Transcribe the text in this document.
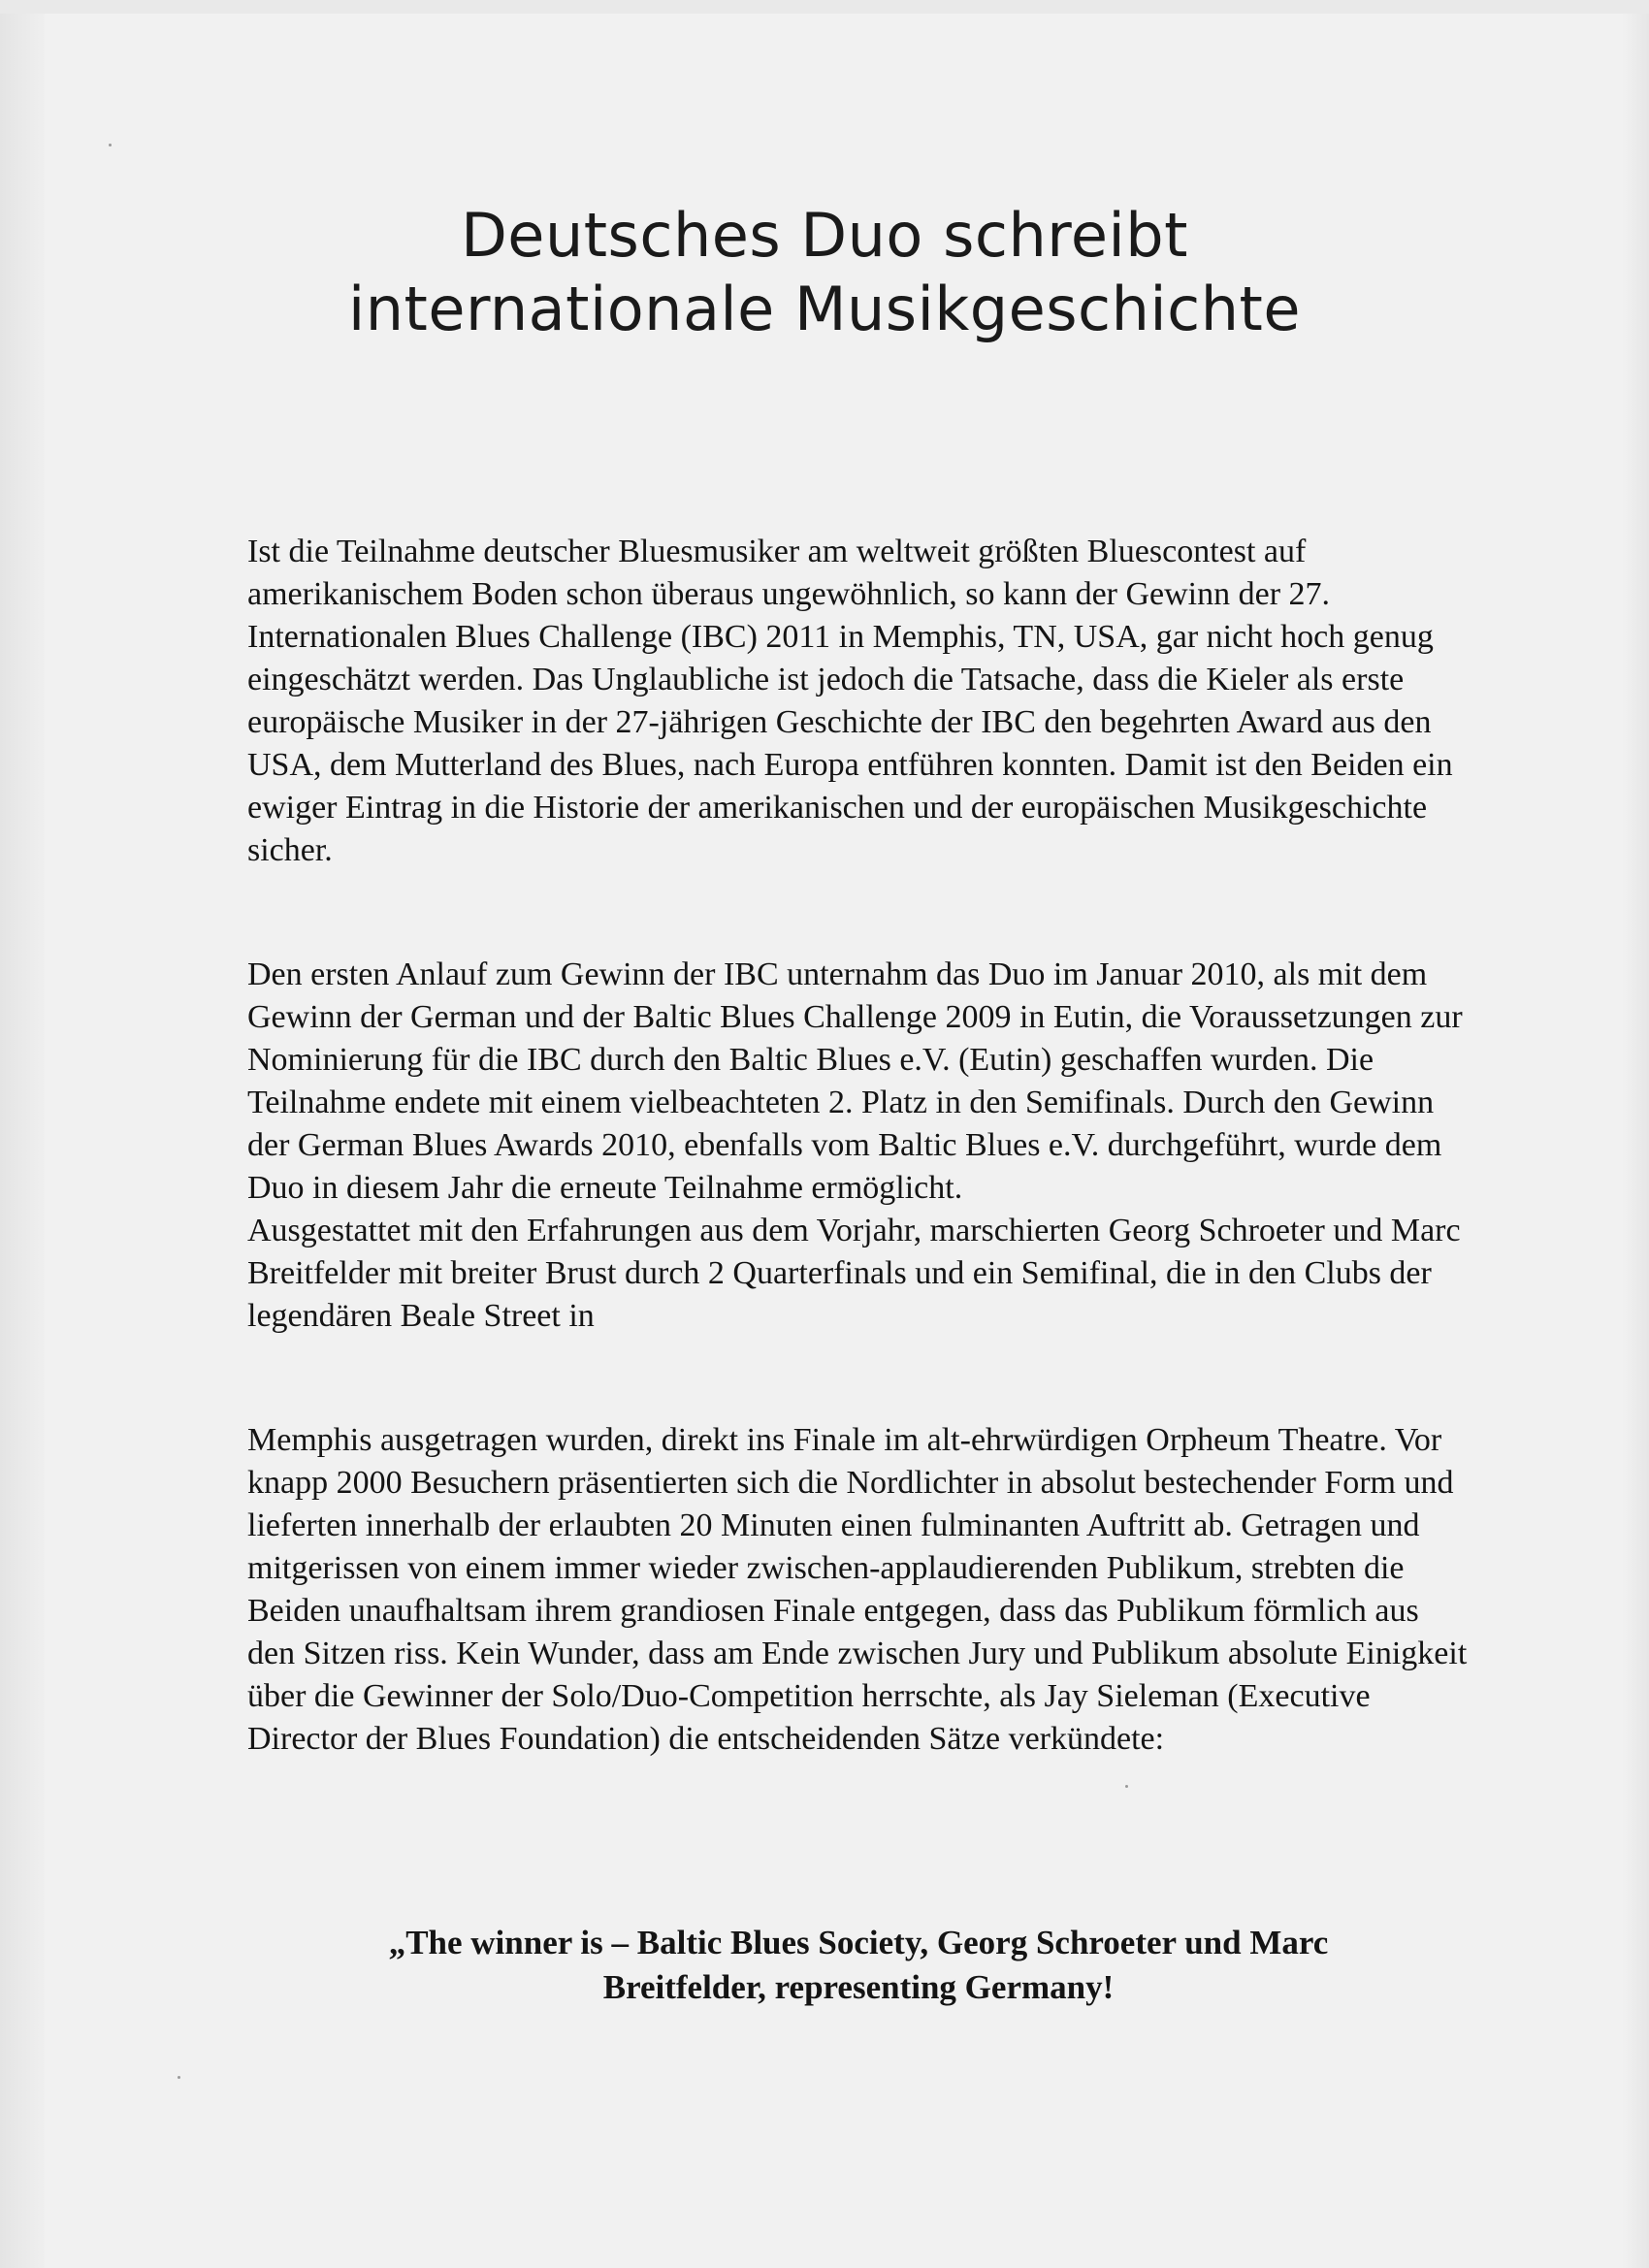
Deutsches Duo schreibt
internationale Musikgeschichte

Ist die Teilnahme deutscher Bluesmusiker am weltweit größten Bluescontest auf amerikanischem Boden schon überaus ungewöhnlich, so kann der Gewinn der 27. Internationalen Blues Challenge (IBC) 2011 in Memphis, TN, USA, gar nicht hoch genug eingeschätzt werden. Das Unglaubliche ist jedoch die Tatsache, dass die Kieler als erste europäische Musiker in der 27-jährigen Geschichte der IBC den begehrten Award aus den USA, dem Mutterland des Blues, nach Europa entführen konnten. Damit ist den Beiden ein ewiger Eintrag in die Historie der amerikanischen und der europäischen Musikgeschichte sicher.

Den ersten Anlauf zum Gewinn der IBC unternahm das Duo im Januar 2010, als mit dem Gewinn der German und der Baltic Blues Challenge 2009 in Eutin, die Voraussetzungen zur Nominierung für die IBC durch den Baltic Blues e.V. (Eutin) geschaffen wurden. Die Teilnahme endete mit einem vielbeachteten 2. Platz in den Semifinals. Durch den Gewinn der German Blues Awards 2010, ebenfalls vom Baltic Blues e.V. durchgeführt, wurde dem Duo in diesem Jahr die erneute Teilnahme ermöglicht.
Ausgestattet mit den Erfahrungen aus dem Vorjahr, marschierten Georg Schroeter und Marc Breitfelder mit breiter Brust durch 2 Quarterfinals und ein Semifinal, die in den Clubs der legendären Beale Street in

Memphis ausgetragen wurden, direkt ins Finale im alt-ehrwürdigen Orpheum Theatre. Vor knapp 2000 Besuchern präsentierten sich die Nordlichter in absolut bestechender Form und lieferten innerhalb der erlaubten 20 Minuten einen fulminanten Auftritt ab. Getragen und mitgerissen von einem immer wieder zwischen-applaudierenden Publikum, strebten die Beiden unaufhaltsam ihrem grandiosen Finale entgegen, dass das Publikum förmlich aus den Sitzen riss. Kein Wunder, dass am Ende zwischen Jury und Publikum absolute Einigkeit über die Gewinner der Solo/Duo-Competition herrschte, als Jay Sieleman (Executive Director der Blues Foundation) die entscheidenden Sätze verkündete:

„The winner is – Baltic Blues Society, Georg Schroeter und Marc
Breitfelder, representing Germany!
